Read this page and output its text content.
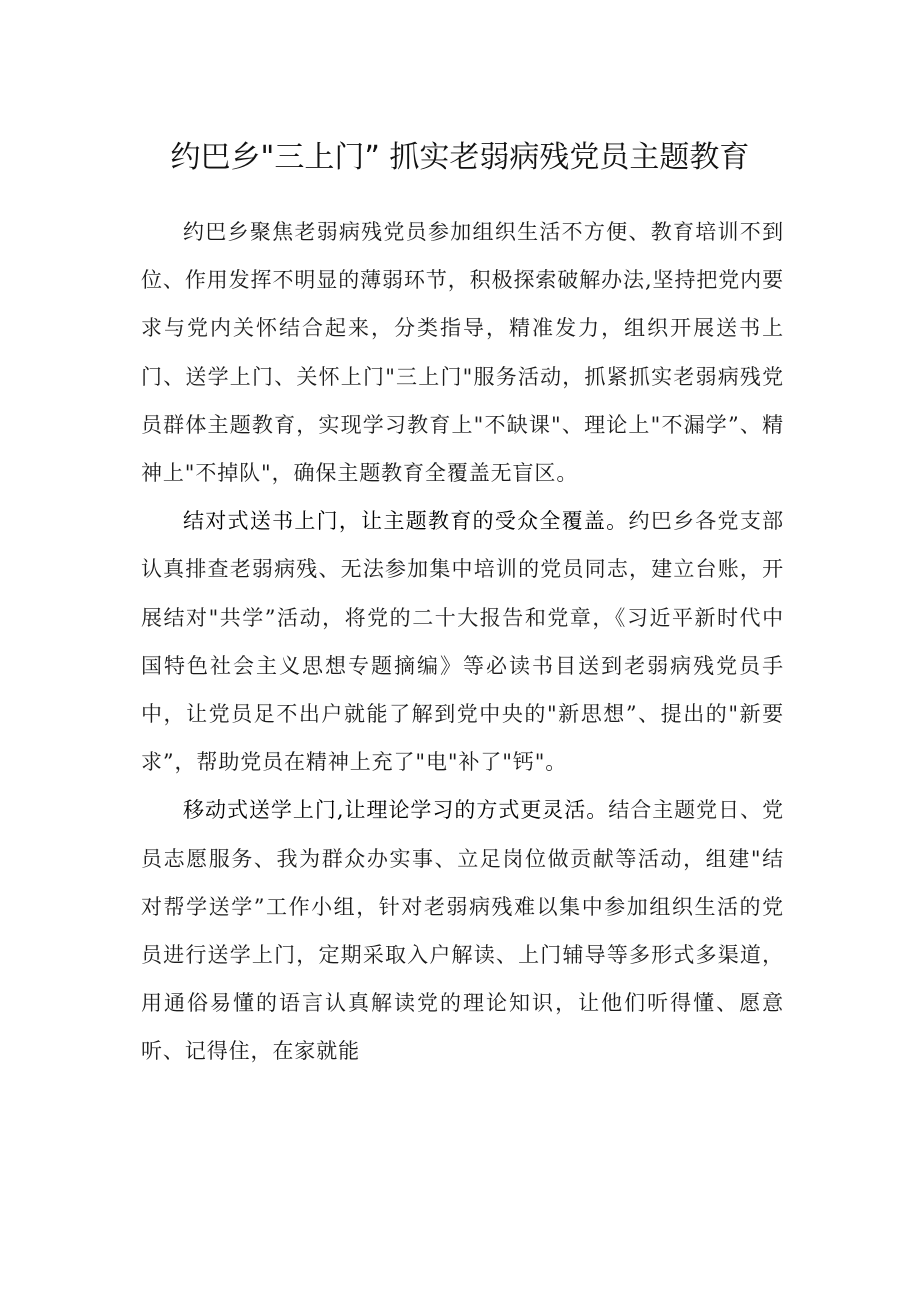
约巴乡"三上门” 抓实老弱病残党员主题教育

约巴乡聚焦老弱病残党员参加组织生活不方便、教育培训不到位、作用发挥不明显的薄弱环节，积极探索破解办法,坚持把党内要求与党内关怀结合起来，分类指导，精准发力，组织开展送书上门、送学上门、关怀上门"三上门"服务活动，抓紧抓实老弱病残党员群体主题教育，实现学习教育上"不缺课"、理论上"不漏学”、精神上"不掉队"，确保主题教育全覆盖无盲区。

结对式送书上门，让主题教育的受众全覆盖。约巴乡各党支部认真排查老弱病残、无法参加集中培训的党员同志，建立台账，开展结对"共学”活动，将党的二十大报告和党章，《习近平新时代中国特色社会主义思想专题摘编》等必读书目送到老弱病残党员手中，让党员足不出户就能了解到党中央的"新思想”、提出的"新要求”，帮助党员在精神上充了"电"补了"钙"。

移动式送学上门,让理论学习的方式更灵活。结合主题党日、党员志愿服务、我为群众办实事、立足岗位做贡献等活动，组建"结对帮学送学”工作小组，针对老弱病残难以集中参加组织生活的党员进行送学上门，定期采取入户解读、上门辅导等多形式多渠道，用通俗易懂的语言认真解读党的理论知识，让他们听得懂、愿意听、记得住，在家就能
